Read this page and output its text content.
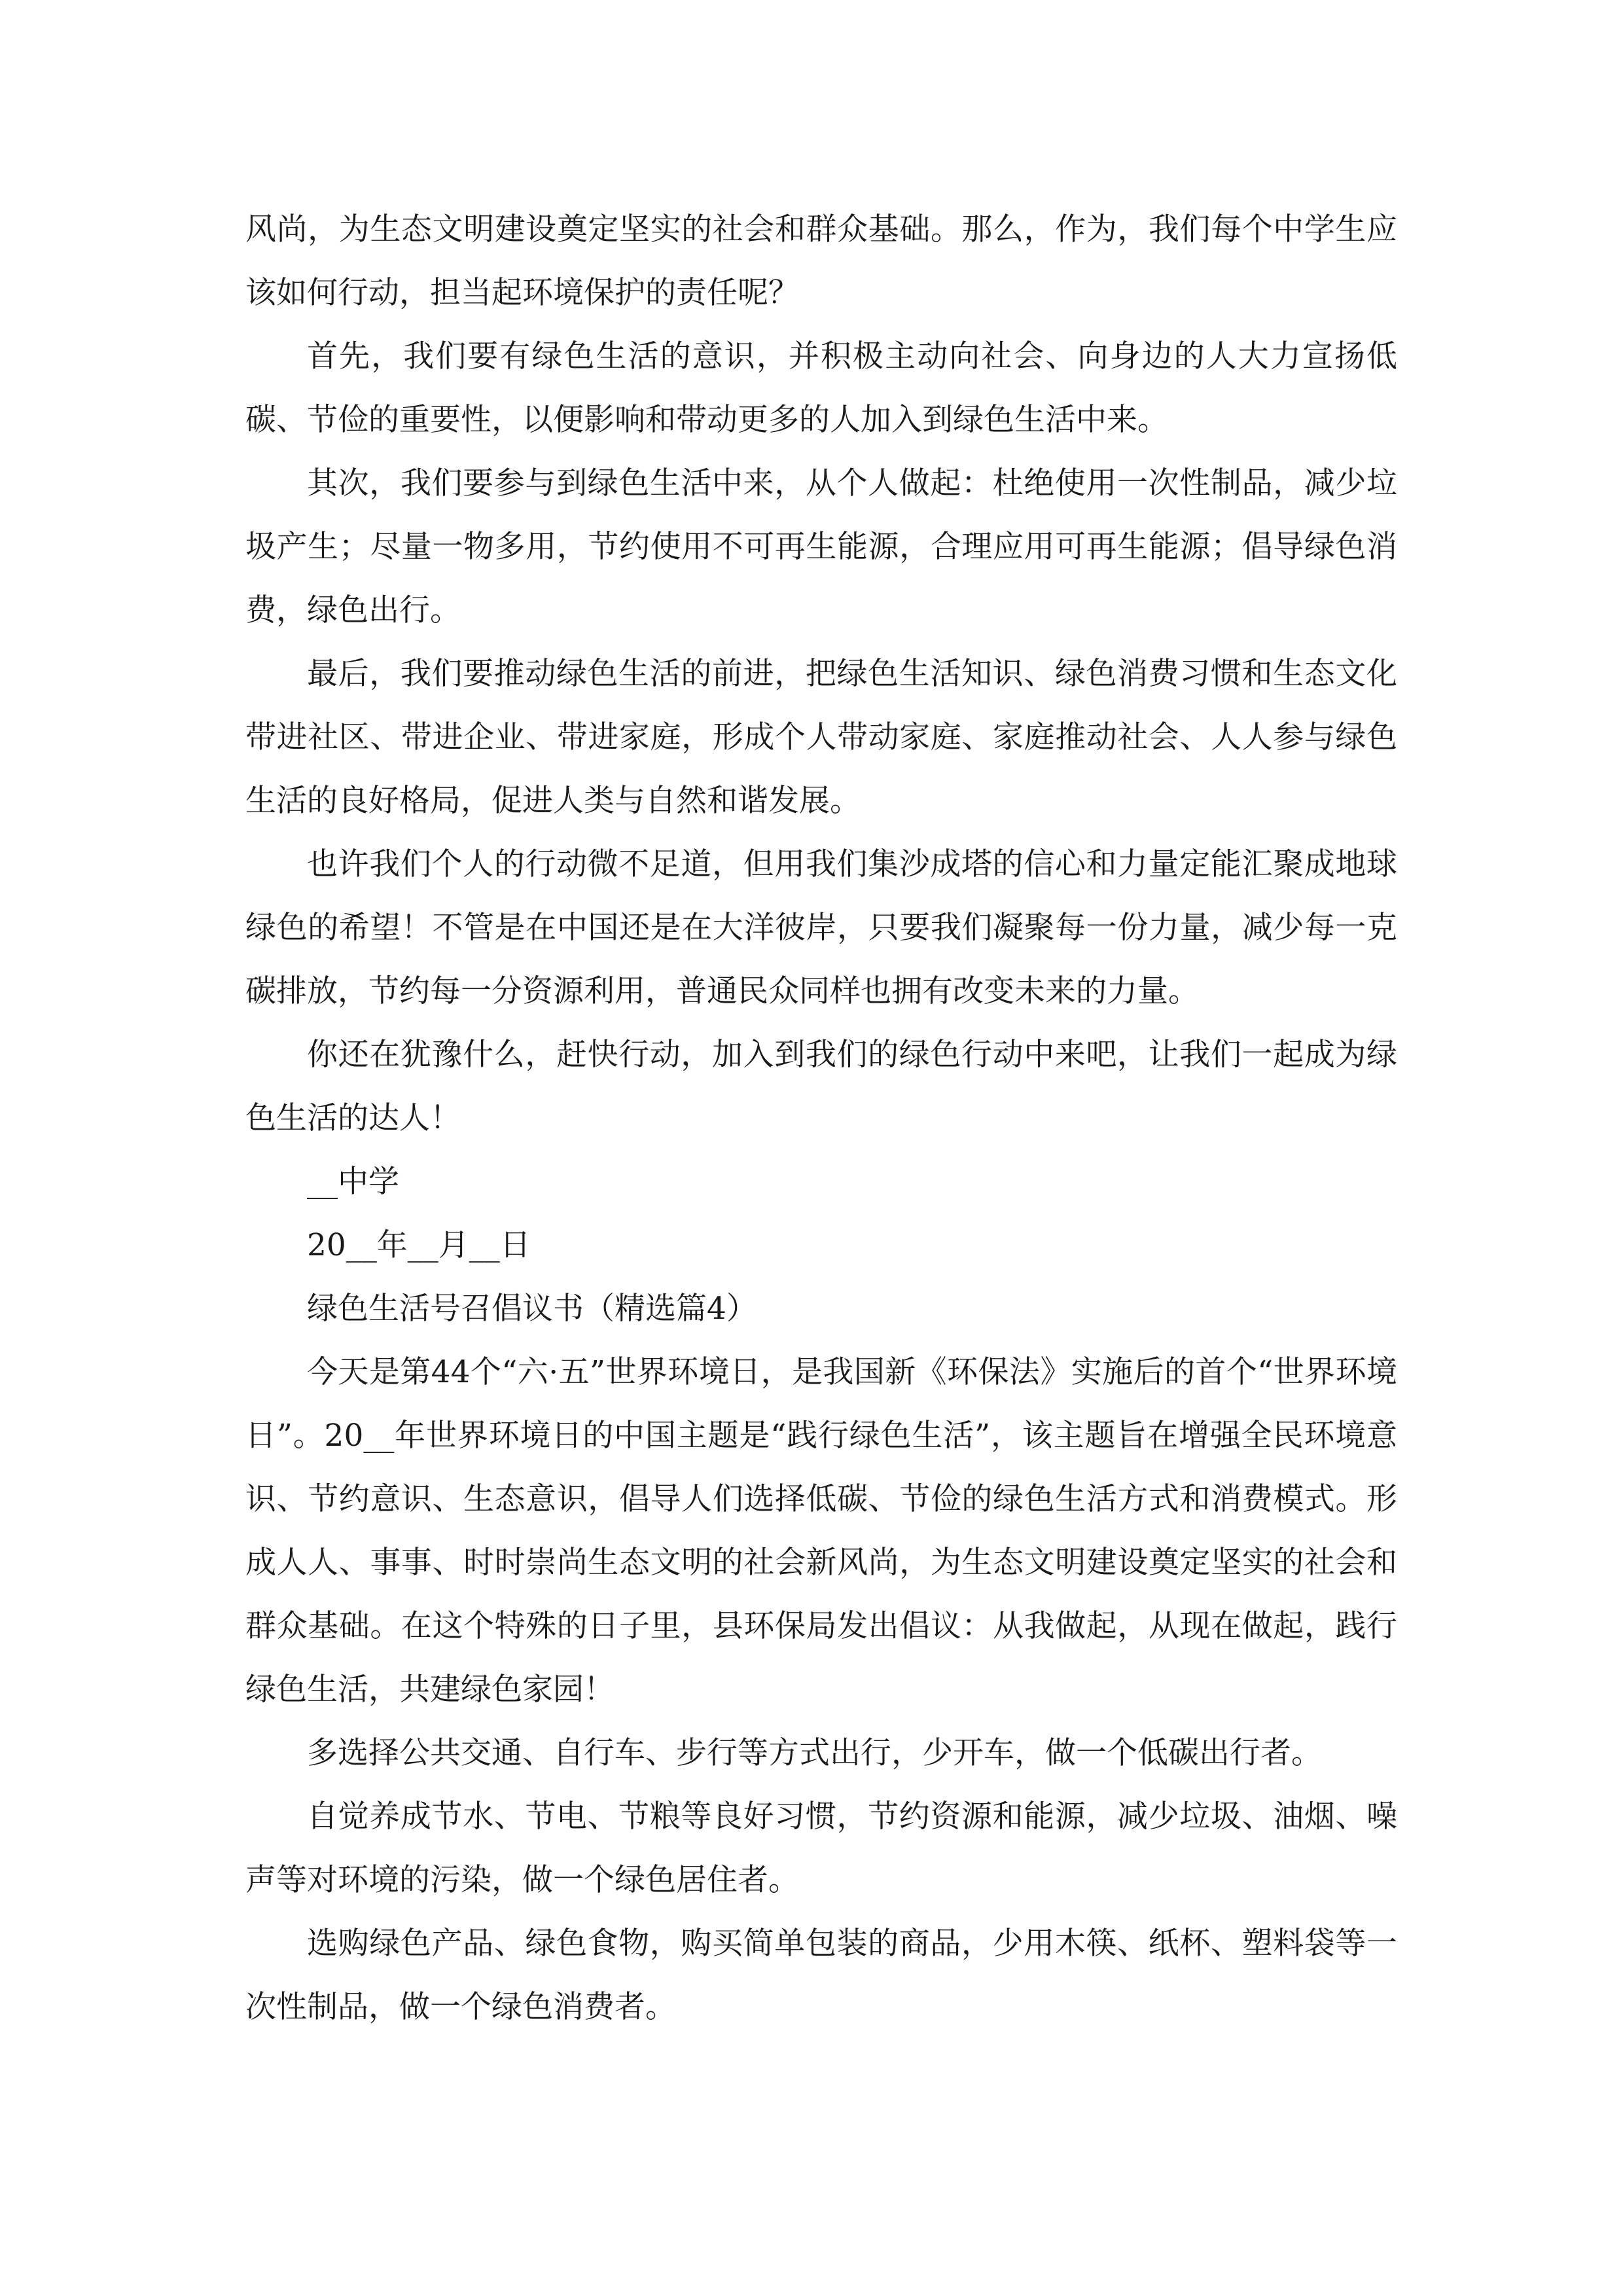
风尚，为生态文明建设奠定坚实的社会和群众基础。那么，作为，我们每个中学生应该如何行动，担当起环境保护的责任呢？

首先，我们要有绿色生活的意识，并积极主动向社会、向身边的人大力宣扬低碳、节俭的重要性，以便影响和带动更多的人加入到绿色生活中来。

其次，我们要参与到绿色生活中来，从个人做起：杜绝使用一次性制品，减少垃圾产生；尽量一物多用，节约使用不可再生能源，合理应用可再生能源；倡导绿色消费，绿色出行。

最后，我们要推动绿色生活的前进，把绿色生活知识、绿色消费习惯和生态文化带进社区、带进企业、带进家庭，形成个人带动家庭、家庭推动社会、人人参与绿色生活的良好格局，促进人类与自然和谐发展。

也许我们个人的行动微不足道，但用我们集沙成塔的信心和力量定能汇聚成地球绿色的希望！不管是在中国还是在大洋彼岸，只要我们凝聚每一份力量，减少每一克碳排放，节约每一分资源利用，普通民众同样也拥有改变未来的力量。

你还在犹豫什么，赶快行动，加入到我们的绿色行动中来吧，让我们一起成为绿色生活的达人！

__中学

20__年__月__日

绿色生活号召倡议书（精选篇4）

今天是第44个“六·五”世界环境日，是我国新《环保法》实施后的首个“世界环境日”。20__年世界环境日的中国主题是“践行绿色生活”，该主题旨在增强全民环境意识、节约意识、生态意识，倡导人们选择低碳、节俭的绿色生活方式和消费模式。形成人人、事事、时时崇尚生态文明的社会新风尚，为生态文明建设奠定坚实的社会和群众基础。在这个特殊的日子里，县环保局发出倡议：从我做起，从现在做起，践行绿色生活，共建绿色家园！

多选择公共交通、自行车、步行等方式出行，少开车，做一个低碳出行者。

自觉养成节水、节电、节粮等良好习惯，节约资源和能源，减少垃圾、油烟、噪声等对环境的污染，做一个绿色居住者。

选购绿色产品、绿色食物，购买简单包装的商品，少用木筷、纸杯、塑料袋等一次性制品，做一个绿色消费者。
